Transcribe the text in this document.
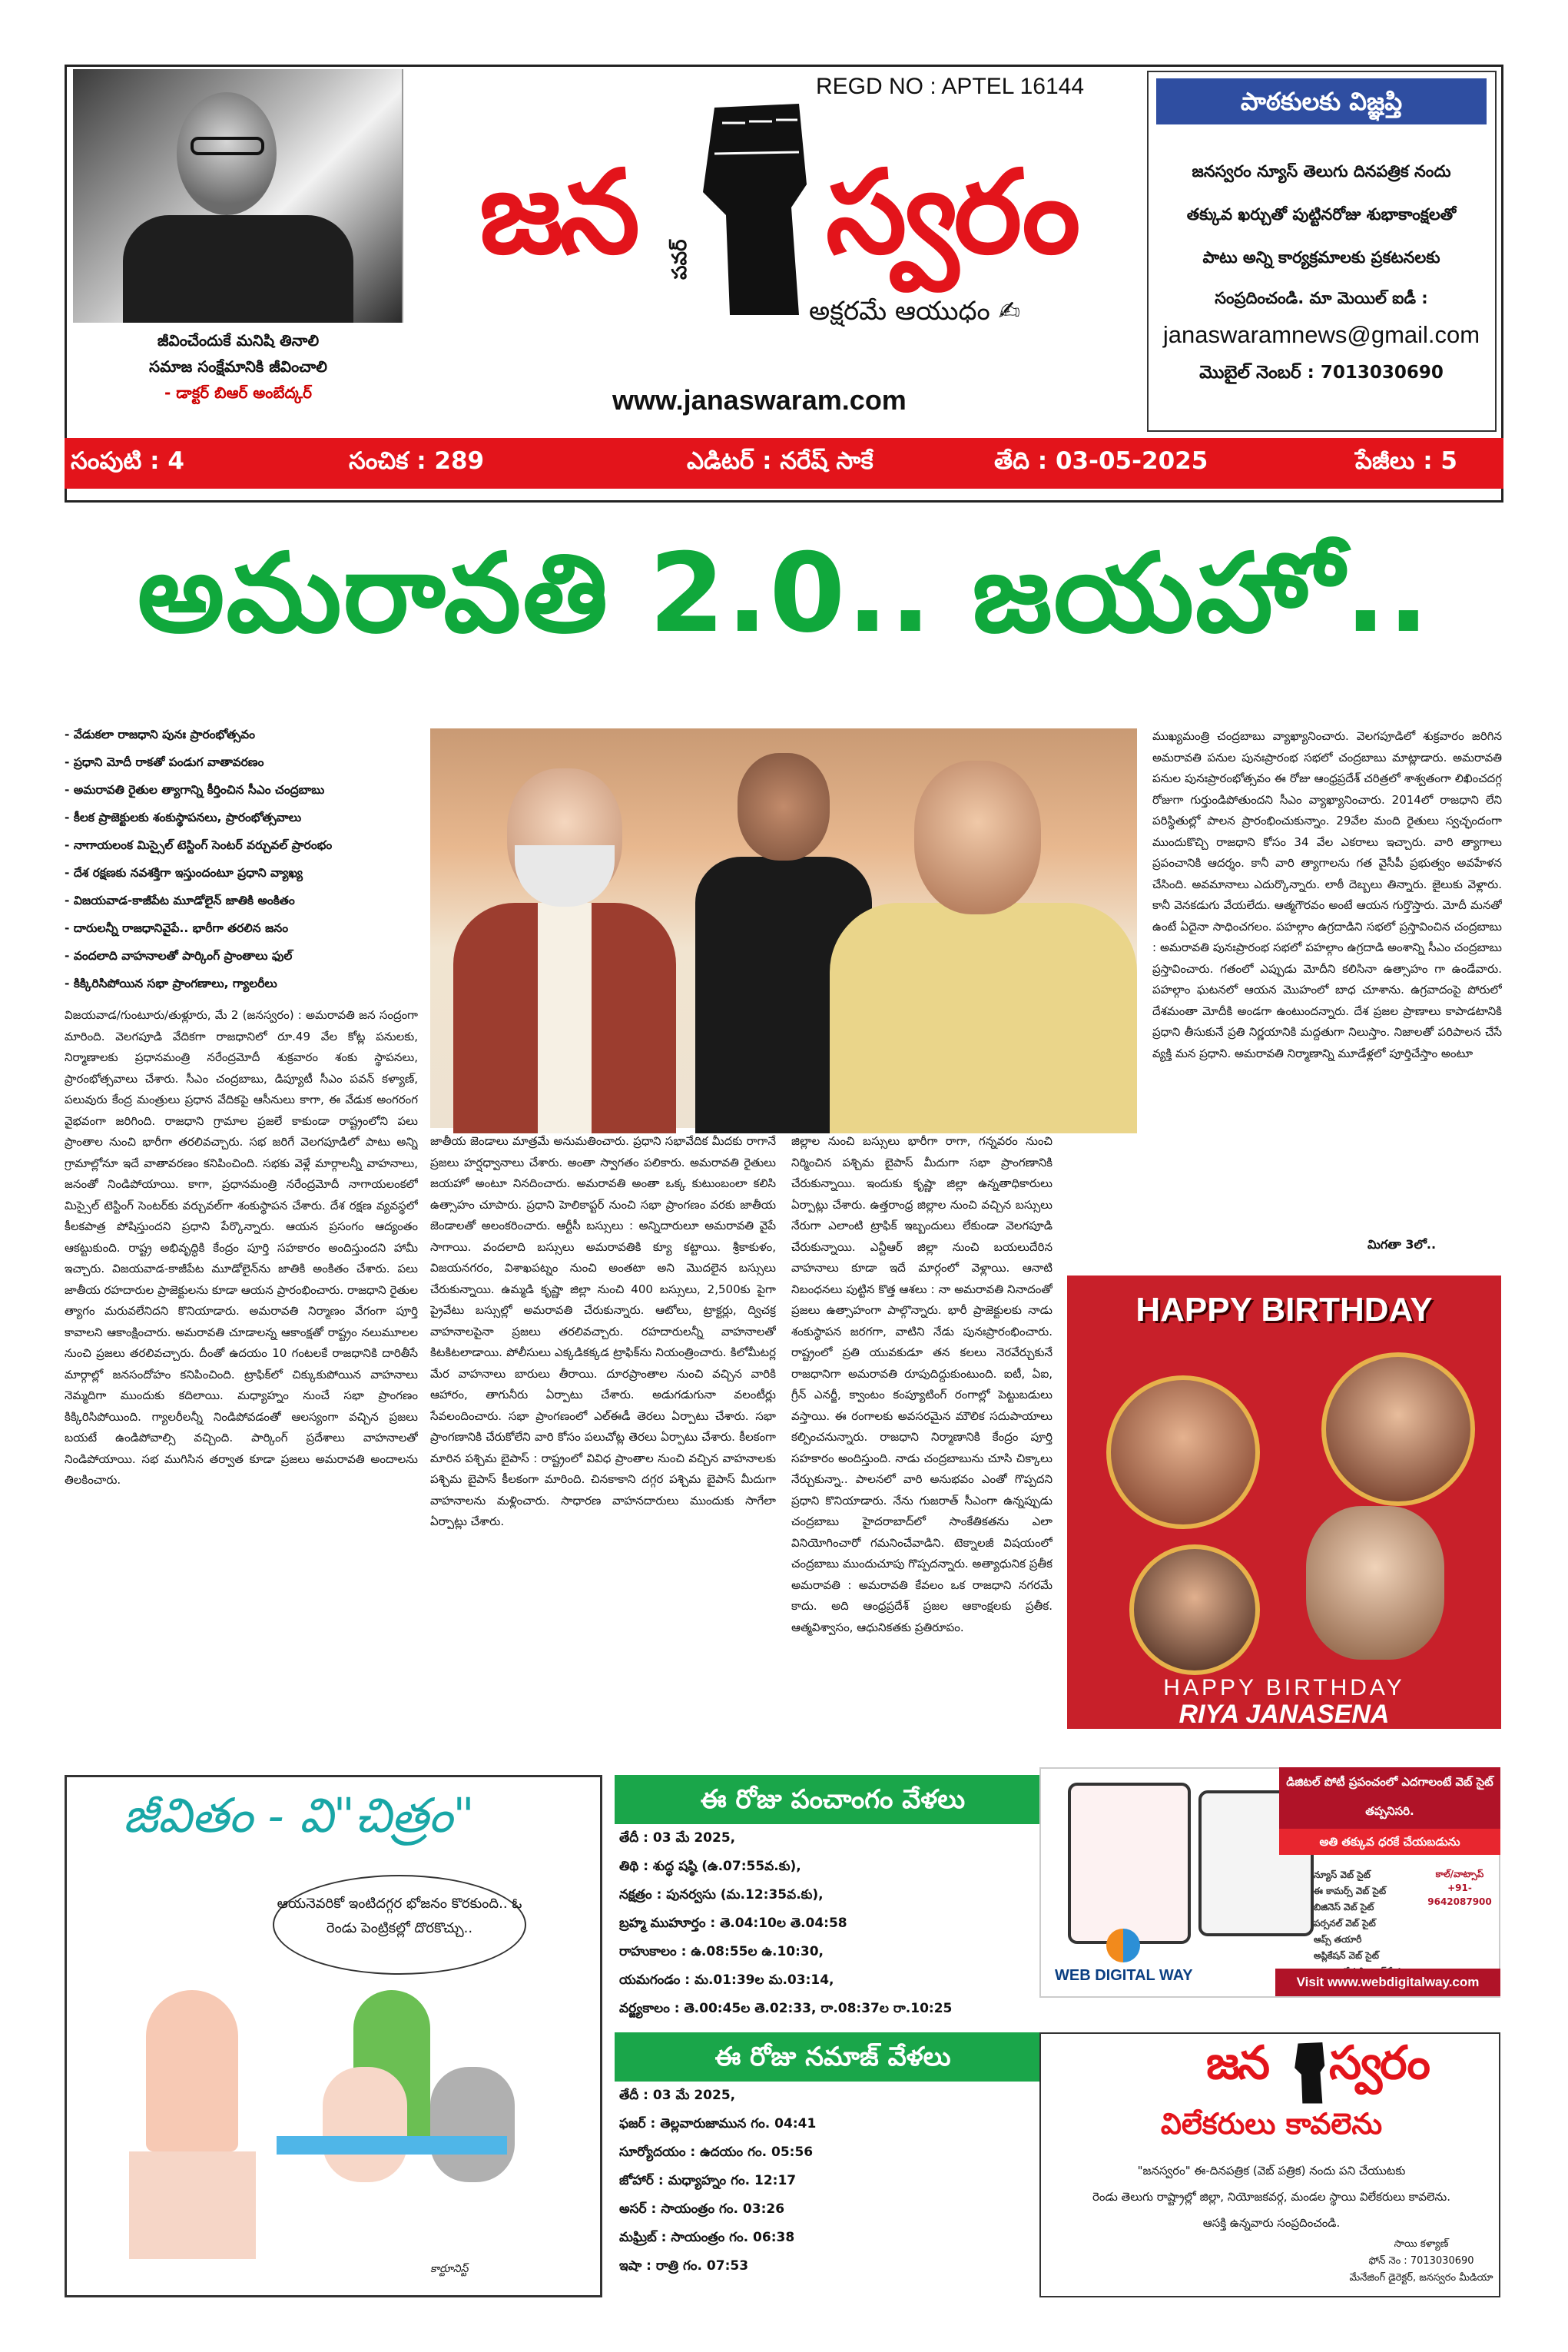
జీవించేందుకే మనిషి తినాలి
సమాజ సంక్షేమానికి జీవించాలి
- డాక్టర్ బిఆర్ అంబేద్కర్
REGD NO : APTEL 16144
జన స్వరం
పవర్
అక్షరమే ఆయుధం ✍
www.janaswaram.com
పాఠకులకు విజ్ఞప్తి
జనస్వరం న్యూస్ తెలుగు దినపత్రిక నందు
తక్కువ ఖర్చుతో పుట్టినరోజు శుభాకాంక్షలతో
పాటు అన్ని కార్యక్రమాలకు ప్రకటనలకు
సంప్రదించండి. మా మెయిల్ ఐడీ :
janaswaramnews@gmail.com
మొబైల్ నెంబర్ : 7013030690
సంపుటి : 4	సంచిక : 289	ఎడిటర్ : నరేష్ సాకే	తేది : 03-05-2025	పేజీలు : 5
అమరావతి 2.0.. జయహో..
- వేడుకలా రాజధాని పునః ప్రారంభోత్సవం
- ప్రధాని మోదీ రాకతో పండుగ వాతావరణం
- అమరావతి రైతుల త్యాగాన్ని కీర్తించిన సీఎం చంద్రబాబు
- కీలక ప్రాజెక్టులకు శంకుస్థాపనలు, ప్రారంభోత్సవాలు
- నాగాయలంక మిస్సైల్ టెస్టింగ్ సెంటర్ వర్చువల్ ప్రారంభం
- దేశ రక్షణకు నవశక్తిగా ఇస్తుందంటూ ప్రధాని వ్యాఖ్య
- విజయవాడ-కాజీపేట మూడోలైన్ జాతికి అంకితం
- దారులన్నీ రాజధానివైపే.. భారీగా తరలిన జనం
- వందలాది వాహనాలతో పార్కింగ్ ప్రాంతాలు ఫుల్
- కిక్కిరిసిపోయిన సభా ప్రాంగణాలు, గ్యాలరీలు
విజయవాడ/గుంటూరు/తుళ్లూరు, మే 2 (జనస్వరం) : అమరావతి జన సంద్రంగా మారింది. వెలగపూడి వేదికగా రాజధానిలో రూ.49 వేల కోట్ల పనులకు, నిర్మాణాలకు ప్రధానమంత్రి నరేంద్రమోదీ శుక్రవారం శంకు స్థాపనలు, ప్రారంభోత్సవాలు చేశారు. సీఎం చంద్రబాబు, డిప్యూటీ సీఎం పవన్ కళ్యాణ్, పలువురు కేంద్ర మంత్రులు ప్రధాన వేదికపై ఆసీనులు కాగా, ఈ వేడుక అంగరంగ వైభవంగా జరిగింది. రాజధాని గ్రామాల ప్రజలే కాకుండా రాష్ట్రంలోని పలు ప్రాంతాల నుంచి భారీగా తరలివచ్చారు. సభ జరిగే వెలగపూడిలో పాటు అన్ని గ్రామాల్లోనూ ఇదే వాతావరణం కనిపించింది. సభకు వెళ్లే మార్గాలన్నీ వాహనాలు, జనంతో నిండిపోయాయి. కాగా, ప్రధానమంత్రి నరేంద్రమోదీ నాగాయలంకలో మిస్సైల్ టెస్టింగ్ సెంటర్‌కు వర్చువల్‌గా శంకుస్థాపన చేశారు. దేశ రక్షణ వ్యవస్థలో కీలకపాత్ర పోషిస్తుందని ప్రధాని పేర్కొన్నారు. ఆయన ప్రసంగం ఆద్యంతం ఆకట్టుకుంది. రాష్ట్ర అభివృద్ధికి కేంద్రం పూర్తి సహకారం అందిస్తుందని హామీ ఇచ్చారు. విజయవాడ-కాజీపేట మూడోలైన్‌ను జాతికి అంకితం చేశారు. పలు జాతీయ రహదారుల ప్రాజెక్టులను కూడా ఆయన ప్రారంభించారు. రాజధాని రైతుల త్యాగం మరువలేనిదని కొనియాడారు. అమరావతి నిర్మాణం వేగంగా పూర్తి కావాలని ఆకాంక్షించారు. అమరావతి చూడాలన్న ఆకాంక్షతో రాష్ట్రం నలుమూలల నుంచి ప్రజలు తరలివచ్చారు. దీంతో ఉదయం 10 గంటలకే రాజధానికి దారితీసే మార్గాల్లో జనసందోహం కనిపించింది. ట్రాఫిక్‌లో చిక్కుకుపోయిన వాహనాలు నెమ్మదిగా ముందుకు కదిలాయి. మధ్యాహ్నం నుంచే సభా ప్రాంగణం కిక్కిరిసిపోయింది. గ్యాలరీలన్నీ నిండిపోవడంతో ఆలస్యంగా వచ్చిన ప్రజలు బయటే ఉండిపోవాల్సి వచ్చింది. పార్కింగ్ ప్రదేశాలు వాహనాలతో నిండిపోయాయి. సభ ముగిసిన తర్వాత కూడా ప్రజలు అమరావతి అందాలను తిలకించారు.
జాతీయ జెండాలు మాత్రమే అనుమతించారు. ప్రధాని సభావేదిక మీదకు రాగానే ప్రజలు హర్షధ్వానాలు చేశారు. అంతా స్వాగతం పలికారు. అమరావతి రైతులు జయహో అంటూ నినదించారు. అమరావతి అంతా ఒక్క కుటుంబంలా కలిసి ఉత్సాహం చూపారు. ప్రధాని హెలికాప్టర్ నుంచి సభా ప్రాంగణం వరకు జాతీయ జెండాలతో అలంకరించారు. ఆర్టీసీ బస్సులు : అన్నిదారులూ అమరావతి వైపే సాగాయి. వందలాది బస్సులు అమరావతికి క్యూ కట్టాయి. శ్రీకాకుళం, విజయనగరం, విశాఖపట్నం నుంచి అంతటా అని మొదలైన బస్సులు చేరుకున్నాయి. ఉమ్మడి కృష్ణా జిల్లా నుంచి 400 బస్సులు, 2,500కు పైగా ప్రైవేటు బస్సుల్లో అమరావతి చేరుకున్నారు. ఆటోలు, ట్రాక్టర్లు, ద్విచక్ర వాహనాలపైనా ప్రజలు తరలివచ్చారు. రహదారులన్నీ వాహనాలతో కిటకిటలాడాయి. పోలీసులు ఎక్కడికక్కడ ట్రాఫిక్‌ను నియంత్రించారు. కిలోమీటర్ల మేర వాహనాలు బారులు తీరాయి. దూరప్రాంతాల నుంచి వచ్చిన వారికి ఆహారం, తాగునీరు ఏర్పాటు చేశారు. అడుగడుగునా వలంటీర్లు సేవలందించారు. సభా ప్రాంగణంలో ఎల్‌ఈడీ తెరలు ఏర్పాటు చేశారు. సభా ప్రాంగణానికి చేరుకోలేని వారి కోసం పలుచోట్ల తెరలు ఏర్పాటు చేశారు. కీలకంగా మారిన పశ్చిమ బైపాస్ : రాష్ట్రంలో వివిధ ప్రాంతాల నుంచి వచ్చిన వాహనాలకు పశ్చిమ బైపాస్ కీలకంగా మారింది. చినకాకాని దగ్గర పశ్చిమ బైపాస్ మీదుగా వాహనాలను మళ్లించారు. సాధారణ వాహనదారులు ముందుకు సాగేలా ఏర్పాట్లు చేశారు.
జిల్లాల నుంచి బస్సులు భారీగా రాగా, గన్నవరం నుంచి నిర్మించిన పశ్చిమ బైపాస్ మీదుగా సభా ప్రాంగణానికి చేరుకున్నాయి. ఇందుకు కృష్ణా జిల్లా ఉన్నతాధికారులు ఏర్పాట్లు చేశారు. ఉత్తరాంధ్ర జిల్లాల నుంచి వచ్చిన బస్సులు నేరుగా ఎలాంటి ట్రాఫిక్ ఇబ్బందులు లేకుండా వెలగపూడి చేరుకున్నాయి. ఎన్టీఆర్ జిల్లా నుంచి బయలుదేరిన వాహనాలు కూడా ఇదే మార్గంలో వెళ్లాయి. ఆనాటి నిబంధనలు పుట్టిన కొత్త ఆశలు : నా అమరావతి నినాదంతో ప్రజలు ఉత్సాహంగా పాల్గొన్నారు. భారీ ప్రాజెక్టులకు నాడు శంకుస్థాపన జరగగా, వాటిని నేడు పునఃప్రారంభించారు. రాష్ట్రంలో ప్రతి యువకుడూ తన కలలు నెరవేర్చుకునే రాజధానిగా అమరావతి రూపుదిద్దుకుంటుంది. ఐటీ, ఏఐ, గ్రీన్ ఎనర్జీ, క్వాంటం కంప్యూటింగ్ రంగాల్లో పెట్టుబడులు వస్తాయి. ఈ రంగాలకు అవసరమైన మౌలిక సదుపాయాలు కల్పించనున్నారు. రాజధాని నిర్మాణానికి కేంద్రం పూర్తి సహకారం అందిస్తుంది. నాడు చంద్రబాబును చూసి చిక్కాలు నేర్చుకున్నా.. పాలనలో వారి అనుభవం ఎంతో గొప్పదని ప్రధాని కొనియాడారు. నేను గుజరాత్ సీఎంగా ఉన్నప్పుడు చంద్రబాబు హైదరాబాద్‌లో సాంకేతికతను ఎలా వినియోగించారో గమనించేవాడిని. టెక్నాలజీ విషయంలో చంద్రబాబు ముందుచూపు గొప్పదన్నారు. అత్యాధునిక ప్రతీక అమరావతి : అమరావతి కేవలం ఒక రాజధాని నగరమే కాదు. అది ఆంధ్రప్రదేశ్ ప్రజల ఆకాంక్షలకు ప్రతీక. ఆత్మవిశ్వాసం, ఆధునికతకు ప్రతిరూపం.
ముఖ్యమంత్రి చంద్రబాబు వ్యాఖ్యానించారు. వెలగపూడిలో శుక్రవారం జరిగిన అమరావతి పనుల పునఃప్రారంభ సభలో చంద్రబాబు మాట్లాడారు. అమరావతి పనుల పునఃప్రారంభోత్సవం ఈ రోజు ఆంధ్రప్రదేశ్ చరిత్రలో శాశ్వతంగా లిఖించదగ్గ రోజుగా గుర్తుండిపోతుందని సీఎం వ్యాఖ్యానించారు. 2014లో రాజధాని లేని పరిస్థితుల్లో పాలన ప్రారంభించుకున్నాం. 29వేల మంది రైతులు స్వచ్ఛందంగా ముందుకొచ్చి రాజధాని కోసం 34 వేల ఎకరాలు ఇచ్చారు. వారి త్యాగాలు ప్రపంచానికి ఆదర్శం. కానీ వారి త్యాగాలను గత వైసీపీ ప్రభుత్వం అవహేళన చేసింది. అవమానాలు ఎదుర్కొన్నారు. లాఠీ దెబ్బలు తిన్నారు. జైలుకు వెళ్లారు. కానీ వెనకడుగు వేయలేదు. ఆత్మగౌరవం అంటే ఆయన గుర్తొస్తారు. మోదీ మనతో ఉంటే ఏదైనా సాధించగలం. పహల్గాం ఉగ్రదాడిని సభలో ప్రస్తావించిన చంద్రబాబు : అమరావతి పునఃప్రారంభ సభలో పహల్గాం ఉగ్రదాడి అంశాన్ని సీఎం చంద్రబాబు ప్రస్తావించారు. గతంలో ఎప్పుడు మోదీని కలిసినా ఉత్సాహం గా ఉండేవారు. పహల్గాం ఘటనలో ఆయన మొహంలో బాధ చూశాను. ఉగ్రవాదంపై పోరులో దేశమంతా మోదీకి అండగా ఉంటుందన్నారు. దేశ ప్రజల ప్రాణాలు కాపాడటానికి ప్రధాని తీసుకునే ప్రతి నిర్ణయానికి మద్దతుగా నిలుస్తాం. నిజాలతో పరిపాలన చేసే వ్యక్తి మన ప్రధాని. అమరావతి నిర్మాణాన్ని మూడేళ్లలో పూర్తిచేస్తాం అంటూ
మిగతా 3లో..
HAPPY BIRTHDAY
HAPPY BIRTHDAY
RIYA JANASENA
జీవితం - వి"చిత్రం"
ఆయనెవరికో ఇంటిదగ్గర భోజనం కొరకుంది.. ఓ రెండు పెంట్రికల్లో దొరకొచ్చు..
కార్టూనిస్ట్
ఈ రోజు పంచాంగం వేళలు
తేదీ : 03 మే 2025,
తిథి : శుద్ధ షష్ఠి (ఉ.07:55వ.కు),
నక్షత్రం : పునర్వసు (మ.12:35వ.కు),
బ్రహ్మ ముహూర్తం : తె.04:10ల తె.04:58
రాహుకాలం : ఉ.08:55ల ఉ.10:30,
యమగండం : మ.01:39ల మ.03:14,
వర్జ్యకాలం : తె.00:45ల తె.02:33, రా.08:37ల రా.10:25
ఈ రోజు నమాజ్ వేళలు
తేదీ : 03 మే 2025,
ఫజర్ : తెల్లవారుజామున గం. 04:41
సూర్యోదయం : ఉదయం గం. 05:56
జోహార్ : మధ్యాహ్నం గం. 12:17
అసర్ : సాయంత్రం గం. 03:26
మఘ్రిబ్ : సాయంత్రం గం. 06:38
ఇషా : రాత్రి గం. 07:53
డిజిటల్ పోటీ ప్రపంచంలో ఎదగాలంటే వెబ్ సైట్ తప్పనిసరి.
అతి తక్కువ ధరకే చేయబడును
న్యూస్ వెబ్ సైట్
ఈ కామర్స్ వెబ్ సైట్
బిజినెస్ వెబ్ సైట్
పర్సనల్ వెబ్ సైట్
ఆప్స్ తయారీ
అప్లికేషన్ వెబ్ సైట్
కాల్/వాట్సాప్
+91-9642087900
WEB DIGITAL WAY	Visit www.webdigitalway.com
జన స్వరం
విలేకరులు కావలెను
"జనస్వరం" ఈ-దినపత్రిక (వెబ్ పత్రిక) నందు పని చేయుటకు
రెండు తెలుగు రాష్ట్రాల్లో జిల్లా, నియోజకవర్గ, మండల స్థాయి విలేకరులు కావలెను.
ఆసక్తి ఉన్నవారు సంప్రదించండి.
సాయి కళ్యాణ్
ఫోన్ నెం : 7013030690
మేనేజింగ్ డైరెక్టర్, జనస్వరం మీడియా
